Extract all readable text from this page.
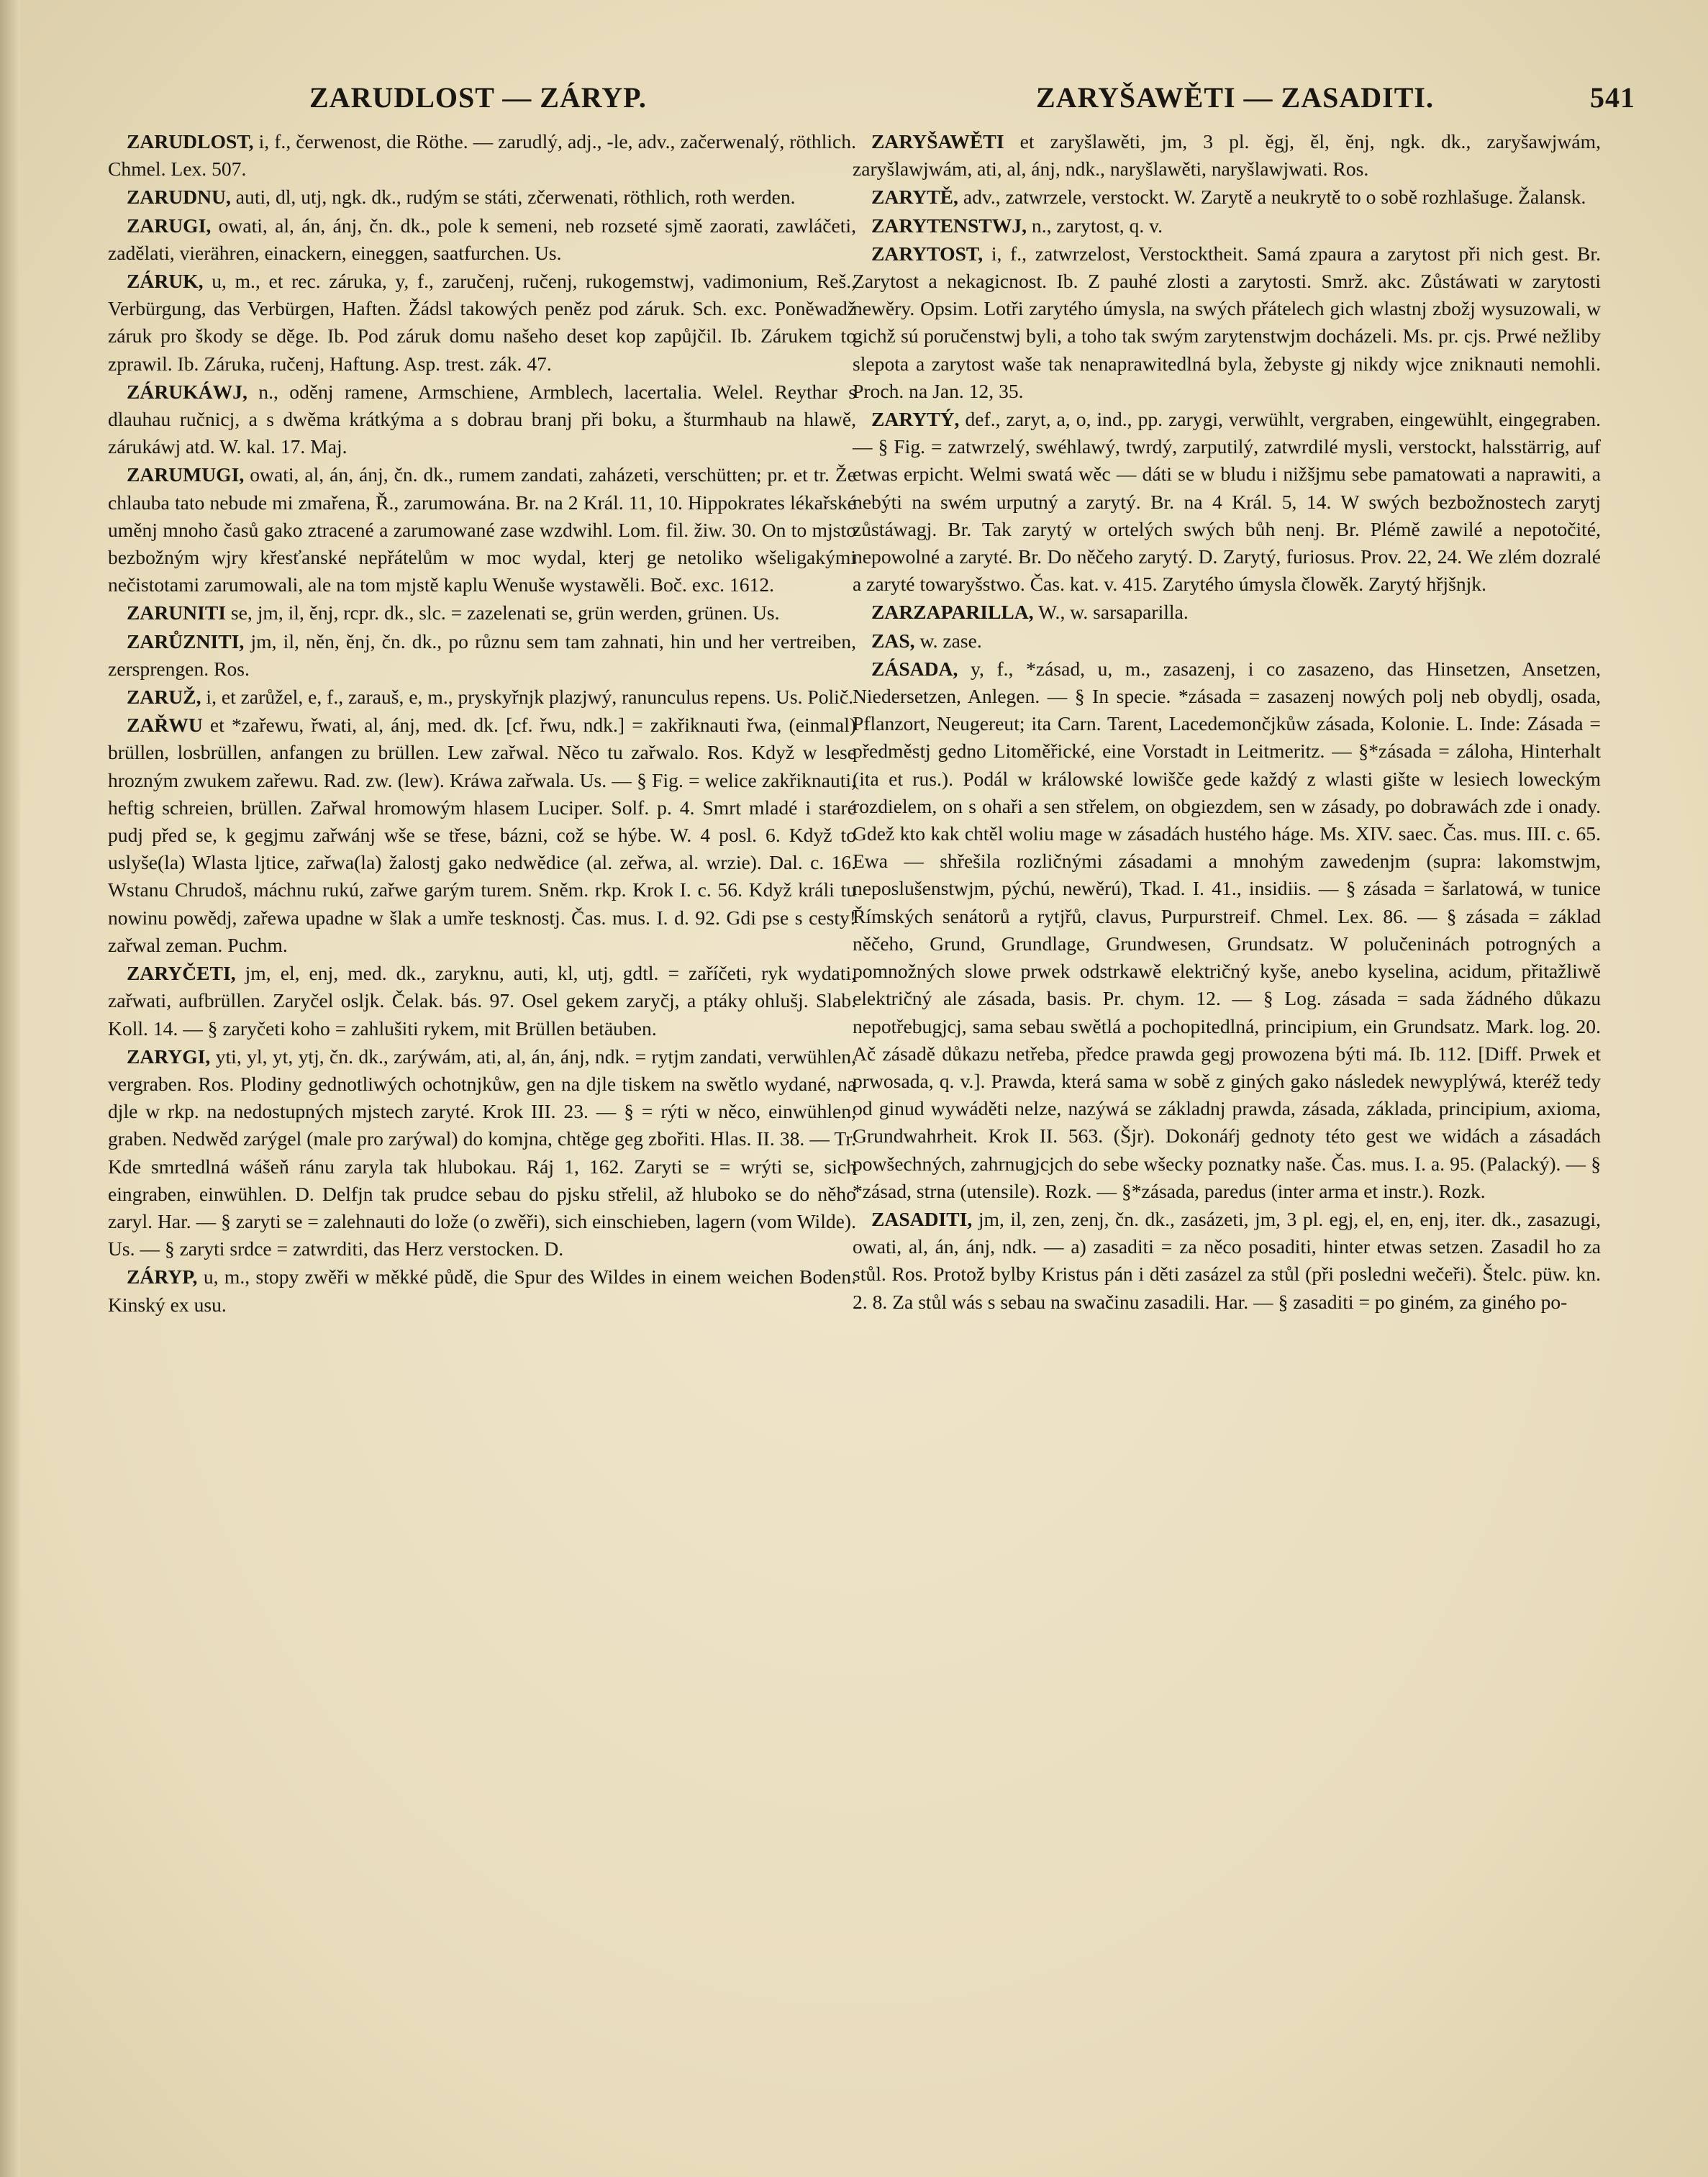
ZARUDLOST — ZÁRYP.	ZARYŠAWĚTI — ZASADITI.	541

ZARUDLOST, i, f., čerwenost, die Röthe. — zarudlý, adj., -le, adv., začerwenalý, röthlich. Chmel. Lex. 507.

ZARUDNU, auti, dl, utj, ngk. dk., rudým se státi, zčerwenati, röthlich, roth werden.

ZARUGI, owati, al, án, ánj, čn. dk., pole k semeni, neb rozseté sjmě zaorati, zawláčeti, zadělati, vierähren, einackern, eineggen, saatfurchen. Us.

ZÁRUK, u, m., et rec. záruka, y, f., zaručenj, ručenj, rukogemstwj, vadimonium, Reš., Verbürgung, das Verbürgen, Haften. Žádsl takowých peněz pod záruk. Sch. exc. Poněwadž záruk pro škody se děge. Ib. Pod záruk domu našeho deset kop zapůjčil. Ib. Zárukem to zprawil. Ib. Záruka, ručenj, Haftung. Asp. trest. zák. 47.

ZÁRUKÁWJ, n., oděnj ramene, Armschiene, Armblech, lacertalia. Welel. Reythar s dlauhau ručnicj, a s dwěma krátkýma a s dobrau branj při boku, a šturmhaub na hlawě, zárukáwj atd. W. kal. 17. Maj.

ZARUMUGI, owati, al, án, ánj, čn. dk., rumem zandati, zaházeti, verschütten; pr. et tr. Že chlauba tato nebude mi zmařena, Ř., zarumowána. Br. na 2 Král. 11, 10. Hippokrates lékařské uměnj mnoho časů gako ztracené a zarumowané zase wzdwihl. Lom. fil. žiw. 30. On to mjsto bezbožným wjry křesťanské nepřátelům w moc wydal, kterj ge netoliko wšeligakými nečistotami zarumowali, ale na tom mjstě kaplu Wenuše wystawěli. Boč. exc. 1612.

ZARUNITI se, jm, il, ěnj, rcpr. dk., slc. = zazelenati se, grün werden, grünen. Us.

ZARŮZNITI, jm, il, něn, ěnj, čn. dk., po různu sem tam zahnati, hin und her vertreiben, zersprengen. Ros.

ZARUŽ, i, et zarůžel, e, f., zarauš, e, m., pryskyřnjk plazjwý, ranunculus repens. Us. Polič.

ZAŘWU et *zařewu, řwati, al, ánj, med. dk. [cf. řwu, ndk.] = zakřiknauti řwa, (einmal) brüllen, losbrüllen, anfangen zu brüllen. Lew zařwal. Něco tu zařwalo. Ros. Když w lese hrozným zwukem zařewu. Rad. zw. (lew). Kráwa zařwala. Us. — § Fig. = welice zakřiknauti, heftig schreien, brüllen. Zařwal hromowým hlasem Luciper. Solf. p. 4. Smrt mladé i staré pudj před se, k gegjmu zařwánj wše se třese, bázni, což se hýbe. W. 4 posl. 6. Když to uslyše(la) Wlasta ljtice, zařwa(la) žalostj gako nedwědice (al. zeřwa, al. wrzie). Dal. c. 16. Wstanu Chrudoš, máchnu rukú, zařwe garým turem. Sněm. rkp. Krok I. c. 56. Když králi tu nowinu powědj, zařewa upadne w šlak a umře tesknostj. Čas. mus. I. d. 92. Gdi pse s cesty! zařwal zeman. Puchm.

ZARYČETI, jm, el, enj, med. dk., zaryknu, auti, kl, utj, gdtl. = zaříčeti, ryk wydati, zařwati, aufbrüllen. Zaryčel oslјk. Čelak. bás. 97. Osel gekem zaryčj, a ptáky ohlušj. Slab. Koll. 14. — § zaryčeti koho = zahlušiti rykem, mit Brüllen betäuben.

ZARYGI, yti, yl, yt, ytj, čn. dk., zarýwám, ati, al, án, ánj, ndk. = rytjm zandati, verwühlen, vergraben. Ros. Plodiny gednotliwých ochotnjkůw, gen na djle tiskem na swětlo wydané, na djle w rkp. na nedostupných mjstech zaryté. Krok III. 23. — § = rýti w něco, einwühlen, graben. Nedwěd zarýgel (male pro zarýwal) do komjna, chtěge geg zbořiti. Hlas. II. 38. — Tr. Kde smrtedlná wášeň ránu zaryla tak hlubokau. Ráj 1, 162. Zaryti se = wrýti se, sich eingraben, einwühlen. D. Delfjn tak prudce sebau do pjsku střelil, až hluboko se do něho zaryl. Har. — § zaryti se = zalehnauti do lože (o zwěři), sich einschieben, lagern (vom Wilde). Us. — § zaryti srdce = zatwrditi, das Herz verstocken. D.

ZÁRYP, u, m., stopy zwěři w měkké půdě, die Spur des Wildes in einem weichen Boden. Kinský ex usu.

ZARYŠAWĚTI et zaryšlawěti, jm, 3 pl. ěgj, ěl, ěnj, ngk. dk., zaryšawjwám, zaryšlawjwám, ati, al, ánj, ndk., naryšlawěti, naryšlawjwati. Ros.

ZARYTĚ, adv., zatwrzele, verstockt. W. Zarytě a neukrytě to o sobě rozhlašuge. Žalansk.

ZARYTENSTWJ, n., zarytost, q. v.

ZARYTOST, i, f., zatwrzelost, Verstocktheit. Samá zpaura a zarytost při nich gest. Br. Zarytost a nekagicnost. Ib. Z pauhé zlosti a zarytosti. Smrž. akc. Zůstáwati w zarytosti newěry. Opsim. Lotři zarytého úmysla, na swých přátelech gich wlastnj zbožj wysuzowali, w gichž sú poručenstwj byli, a toho tak swým zarytenstwjm docházeli. Ms. pr. cjs. Prwé nežliby slepota a zarytost waše tak nenaprawitedlná byla, žebyste gj nikdy wjce zniknauti nemohli. Proch. na Jan. 12, 35.

ZARYTÝ, def., zaryt, a, o, ind., pp. zarygi, verwühlt, vergraben, eingewühlt, eingegraben. — § Fig. = zatwrzelý, swéhlawý, twrdý, zarputilý, zatwrdilé mysli, verstockt, halsstärrig, auf etwas erpicht. Welmi swatá wěc — dáti se w bludu i nižšjmu sebe pamatowati a naprawiti, a nebýti na swém urputný a zarytý. Br. na 4 Král. 5, 14. W swých bezbožnostech zarytj zůstáwagj. Br. Tak zarytý w ortelých swých bůh nenj. Br. Plémě zawilé a nepotočité, nepowolné a zaryté. Br. Do něčeho zarytý. D. Zarytý, furiosus. Prov. 22, 24. We zlém dozralé a zaryté towaryšstwo. Čas. kat. v. 415. Zarytého úmysla člowěk. Zarytý hřjšnjk.

ZARZAPARILLA, W., w. sarsaparilla.

ZAS, w. zase.

ZÁSADA, y, f., *zásad, u, m., zasazenj, i co zasazeno, das Hinsetzen, Ansetzen, Niedersetzen, Anlegen. — § In specie. *zásada = zasazenj nowých polj neb obydlj, osada, Pflanzort, Neugereut; ita Carn. Tarent, Lacedemončjkůw zásada, Kolonie. L. Inde: Zásada = předměstj gedno Litoměřické, eine Vorstadt in Leitmeritz. — §*zásada = záloha, Hinterhalt (ita et rus.). Podál w králowské lowišče gede každý z wlasti gište w lesiech loweckým rozdielem, on s ohaři a sen střelem, on obgiezdem, sen w zásady, po dobrawách zde i onady. Gdež kto kak chtěl woliu mage w zásadách hustého háge. Ms. XIV. saec. Čas. mus. III. c. 65. Ewa — shřešila rozličnými zásadami a mnohým zawedenjm (supra: lakomstwjm, neposlušenstwjm, pýchú, newěrú), Tkad. I. 41., insidiis. — § zásada = šarlatowá, w tunice Římských senátorů a rytjřů, clavus, Purpurstreif. Chmel. Lex. 86. — § zásada = základ něčeho, Grund, Grundlage, Grundwesen, Grundsatz. W polučeninách potrogných a pomnožných slowe prwek odstrkawě električný kyše, anebo kyselina, acidum, přitažliwě električný ale zásada, basis. Pr. chym. 12. — § Log. zásada = sada žádného důkazu nepotřebugjcj, sama sebau swětlá a pochopitedlná, principium, ein Grundsatz. Mark. log. 20. Ač zásadě důkazu netřeba, předce prawda gegj prowozena býti má. Ib. 112. [Diff. Prwek et prwosada, q. v.]. Prawda, která sama w sobě z giných gako následek newyplýwá, kteréž tedy od ginud wywáděti nelze, nazýwá se základnj prawda, zásada, základa, principium, axioma, Grundwahrheit. Krok II. 563. (Šjr). Dokonáŕj gednoty této gest we widách a zásadách powšechných, zahrnugjcjch do sebe wšecky poznatky naše. Čas. mus. I. a. 95. (Palacký). — § *zásad, strna (utensile). Rozk. — §*zásada, paredus (inter arma et instr.). Rozk.

ZASADITI, jm, il, zen, zenj, čn. dk., zasázeti, jm, 3 pl. egj, el, en, enj, iter. dk., zasazugi, owati, al, án, ánj, ndk. — a) zasaditi = za něco posaditi, hinter etwas setzen. Zasadil ho za stůl. Ros. Protož bylby Kristus pán i děti zasázel za stůl (při posledni wečeři). Štelc. püw. kn. 2. 8. Za stůl wás s sebau na swačinu zasadili. Har. — § zasaditi = po giném, za giného po-
